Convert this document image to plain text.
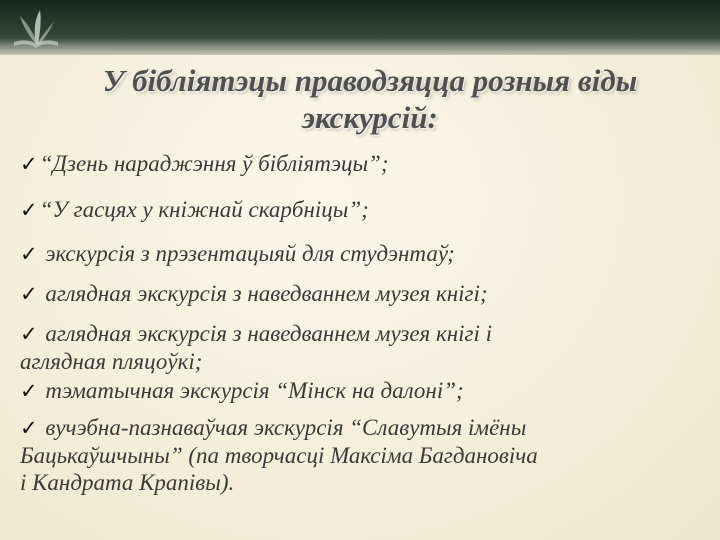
У бібліятэцы праводзяцца розныя віды
экскурсій:
✓“Дзень нараджэння ў бібліятэцы”;
✓“У гасцях у кніжнай скарбніцы”;
✓ экскурсія з прэзентацыяй для студэнтаў;
✓ аглядная экскурсія з наведваннем музея кнігі;
✓ аглядная экскурсія з наведваннем музея кнігі і
аглядная пляцоўкі;
✓ тэматычная экскурсія “Мінск на далоні”;
✓ вучэбна-пазнаваўчая экскурсія “Славутыя імёны
Бацькаўшчыны” (па творчасці Максіма Багдановіча
і Кандрата Крапівы).
